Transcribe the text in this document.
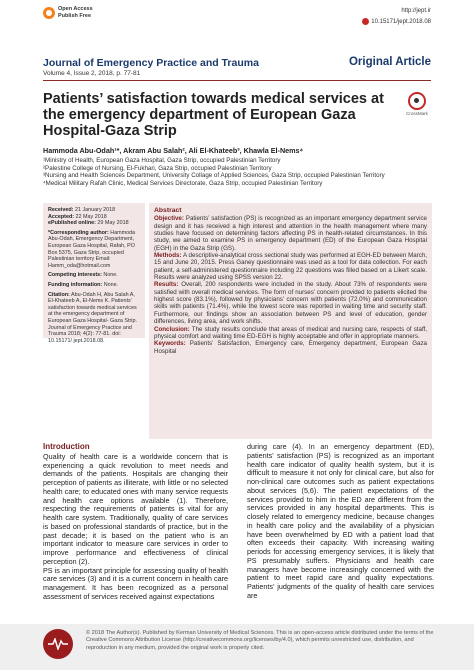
Open Access
Publish Free
http://jept.ir
10.15171/jept.2018.08
Journal of Emergency Practice and Trauma
Volume 4, Issue 2, 2018, p. 77-81
Original Article
Patients’ satisfaction towards medical services at the emergency department of European Gaza Hospital-Gaza Strip
CrossMark
Hammoda Abu-Odah¹*, Akram Abu Salah², Ali El-Khateeb³, Khawla El-Nems⁴
¹Ministry of Health, European Gaza Hospital, Gaza Strip, occupied Palestinian Territory
²Palestine College of Nursing, El-Fukhari, Gaza Strip, occupied Palestinian Territory
³Nursing and Health Sciences Department, University Collage of Applied Sciences, Gaza Strip, occupied Palestinian Territory
⁴Medical Military Rafah Clinic, Medical Services Directorate, Gaza Strip, occupied Palestinian Territory

Received: 21 January 2018

Accepted: 22 May 2018

ePublished online: 29 May 2018

*Corresponding author: Hammoda Abu-Odah, Emergency Department, European Gaza Hospital, Rafah, PO Box 5375, Gaza Strip, occupied Palestinian territory Email: Hamm_oda@hotmail.com

Competing interests: None.

Funding information: None.

Citation: Abu-Odah H, Abu Salah A, El-Khateeb A, El-Nems K. Patients’ satisfaction towards medical services at the emergency department of European Gaza Hospital- Gaza Strip. Journal of Emergency Practice and Trauma 2018; 4(2): 77-81. doi: 10.15171/ jept.2018.08.

Abstract

Objective: Patients’ satisfaction (PS) is recognized as an important emergency department service design and it has received a high interest and attention in the health management where many studies have focused on determining factors affecting PS in health-related circumstances. In this study, we aimed to examine PS in emergency department (ED) of the European Gaza Hospital (EGH) in the Gaza Strip (GS).

Methods: A descriptive-analytical cross sectional study was performed at EGH-ED between March, 15 and June 20, 2015. Press Ganey questionnaire was used as a tool for data collection. For each patient, a self-administered questionnaire including 22 questions was filled based on a Likert scale. Results were analyzed using SPSS version 22.

Results: Overall, 200 respondents were included in the study. About 73% of respondents were satisfied with overall medical services. The form of nurses’ concern provided to patients elicited the highest score (83.1%), followed by physicians’ concern with patients (72.0%) and communication skills with patients (71.4%), while the lowest score was reported in waiting time and security staff. Furthermore, our findings show an association between PS and level of education, gender differences, living area, and work shifts.

Conclusion: The study results conclude that areas of medical and nursing care, respects of staff, physical comfort and waiting time ED-EGH is highly acceptable and offer in appropriate manners.

Keywords: Patients’ Satisfaction, Emergency care, Emergency department, European Gaza Hospital

Introduction
Quality of health care is a worldwide concern that is experiencing a quick revolution to meet needs and demands of the patients. Hospitals are changing their perception of patients as illiterate, with little or no selected health care; to educated ones with many service requests and health care options available (1). Therefore, respecting the requirements of patients is vital for any health care system. Traditionally, quality of care services is based on professional standards of practice, but in the past decade; it is based on the patient who is an important indicator to measure care services in order to improve performance and effectiveness of clinical perception (2).
PS is an important principle for assessing quality of health care services (3) and it is a current concern in health care management. It has been recognized as a personal assessment of services received against expectations
during care (4). In an emergency department (ED), patients’ satisfaction (PS) is recognized as an important health care indicator of quality health system, but it is difficult to measure it not only for clinical care, but also for non-clinical care outcomes such as patient expectations about services (5,6). The patient expectations of the services provided to him in the ED are different from the services provided in any hospital departments. This is closely related to emergency medicine, because changes in health care policy and the availability of a physician have been overwhelmed by ED with a patient load that often exceeds their capacity. With increasing waiting periods for accessing emergency services, it is likely that PS presumably suffers. Physicians and health care managers have become increasingly concerned with the patient to meet rapid care and quality expectations. Patients’ judgments of the quality of health care services are
© 2018 The Author(s). Published by Kerman University of Medical Sciences. This is an open-access article distributed under the terms of the Creative Commons Attribution License (http://creativecommons.org/licenses/by/4.0), which permits unrestricted use, distribution, and reproduction in any medium, provided the original work is properly cited.
